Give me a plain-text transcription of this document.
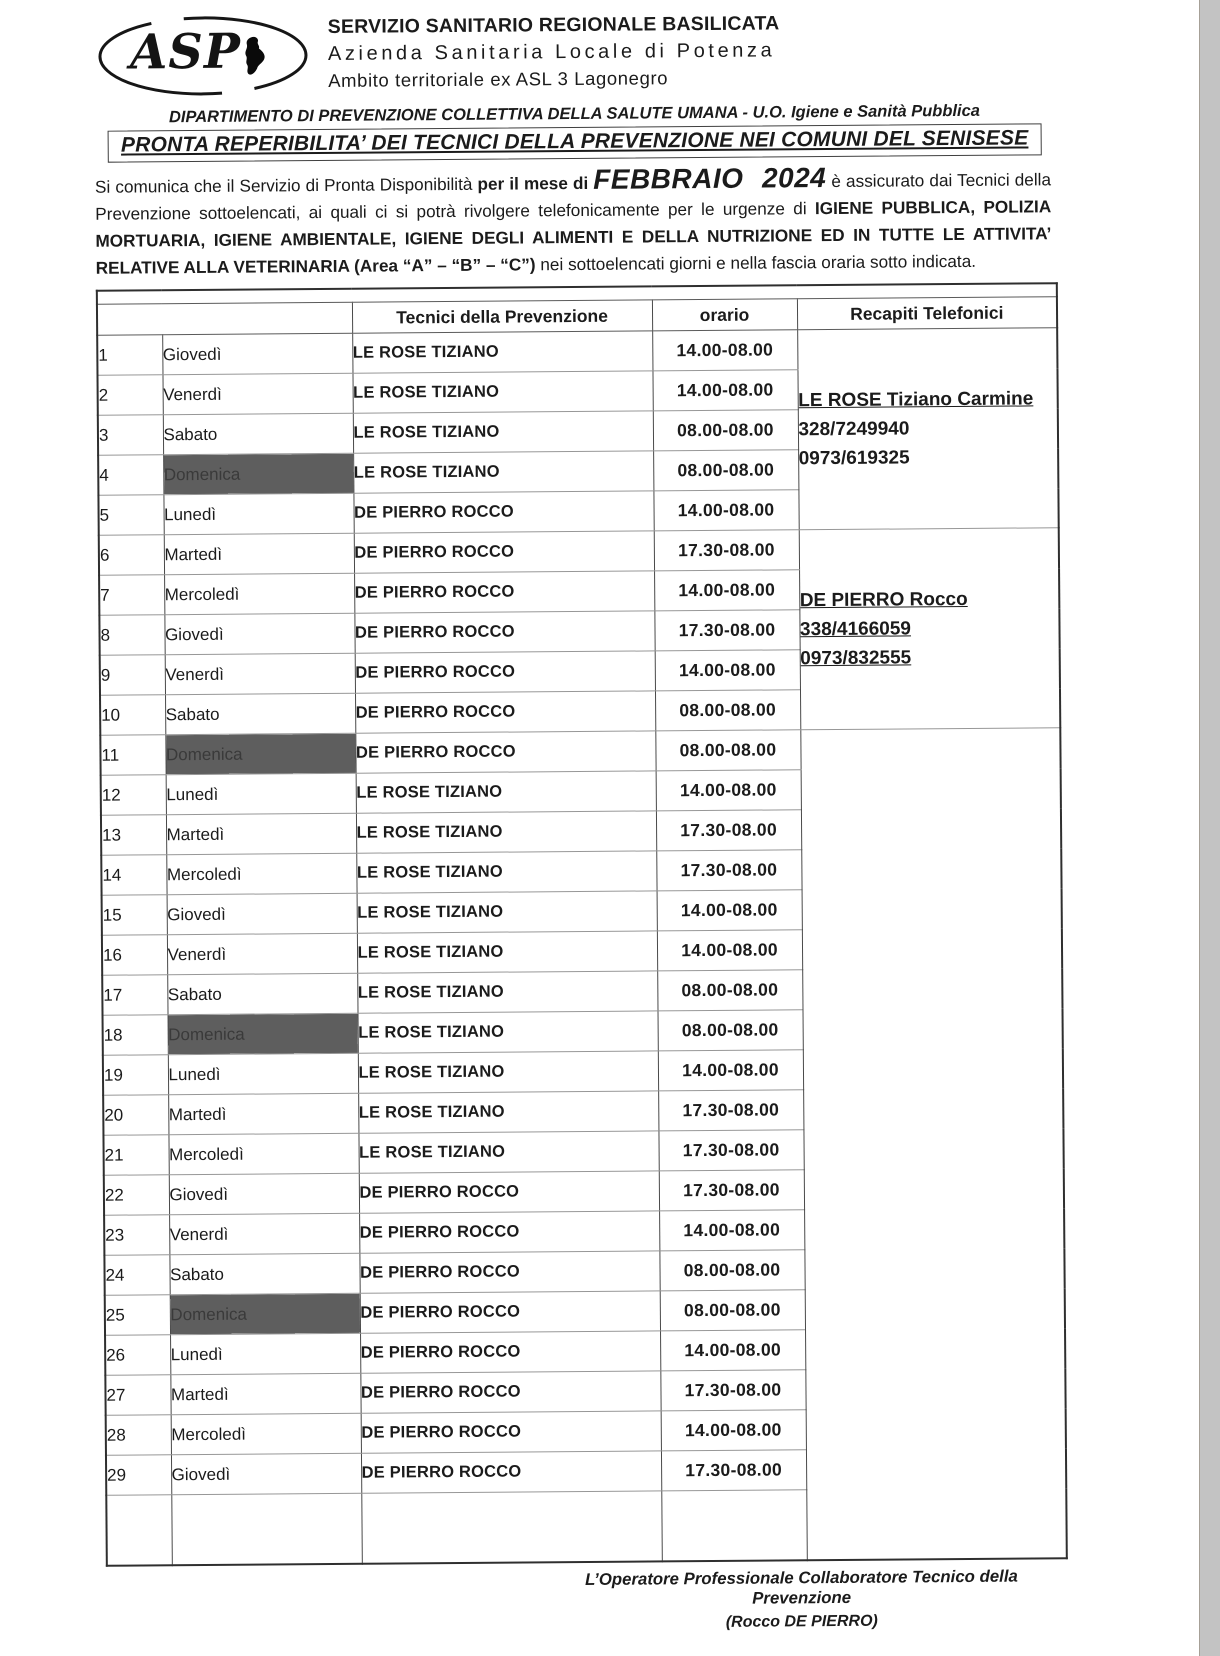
ASP	SERVIZIO SANITARIO REGIONALE BASILICATA
Azienda Sanitaria Locale di Potenza
Ambito territoriale ex ASL 3 Lagonegro
DIPARTIMENTO DI PREVENZIONE COLLETTIVA DELLA SALUTE UMANA - U.O. Igiene e Sanità Pubblica
PRONTA REPERIBILITA’ DEI TECNICI DELLA PREVENZIONE NEI COMUNI DEL SENISESE
Si comunica che il Servizio di Pronta Disponibilità per il mese di FEBBRAIO 2024 è assicurato dai Tecnici della Prevenzione sottoelencati, ai quali ci si potrà rivolgere telefonicamente per le urgenze di IGIENE PUBBLICA, POLIZIA MORTUARIA, IGIENE AMBIENTALE, IGIENE DEGLI ALIMENTI E DELLA NUTRIZIONE ED IN TUTTE LE ATTIVITA’ RELATIVE ALLA VETERINARIA (Area “A” – “B” – “C”) nei sottoelencati giorni e nella fascia oraria sotto indicata.

		Tecnici della Prevenzione	orario	Recapiti Telefonici
1	Giovedì	LE ROSE TIZIANO	14.00-08.00	LE ROSE Tiziano Carmine
328/7249940
0973/619325

2	Venerdì	LE ROSE TIZIANO	14.00-08.00	
3	Sabato	LE ROSE TIZIANO	08.00-08.00	
4	Domenica	LE ROSE TIZIANO	08.00-08.00	
5	Lunedì	DE PIERRO ROCCO	14.00-08.00	
6	Martedì	DE PIERRO ROCCO	17.30-08.00	DE PIERRO Rocco
338/4166059
0973/832555

7	Mercoledì	DE PIERRO ROCCO	14.00-08.00	
8	Giovedì	DE PIERRO ROCCO	17.30-08.00	
9	Venerdì	DE PIERRO ROCCO	14.00-08.00	
10	Sabato	DE PIERRO ROCCO	08.00-08.00	
11	Domenica	DE PIERRO ROCCO	08.00-08.00	
12	Lunedì	LE ROSE TIZIANO	14.00-08.00	
13	Martedì	LE ROSE TIZIANO	17.30-08.00	
14	Mercoledì	LE ROSE TIZIANO	17.30-08.00	
15	Giovedì	LE ROSE TIZIANO	14.00-08.00	
16	Venerdì	LE ROSE TIZIANO	14.00-08.00	
17	Sabato	LE ROSE TIZIANO	08.00-08.00	
18	Domenica	LE ROSE TIZIANO	08.00-08.00	
19	Lunedì	LE ROSE TIZIANO	14.00-08.00	
20	Martedì	LE ROSE TIZIANO	17.30-08.00	
21	Mercoledì	LE ROSE TIZIANO	17.30-08.00	
22	Giovedì	DE PIERRO ROCCO	17.30-08.00	
23	Venerdì	DE PIERRO ROCCO	14.00-08.00	
24	Sabato	DE PIERRO ROCCO	08.00-08.00	
25	Domenica	DE PIERRO ROCCO	08.00-08.00	
26	Lunedì	DE PIERRO ROCCO	14.00-08.00	
27	Martedì	DE PIERRO ROCCO	17.30-08.00	
28	Mercoledì	DE PIERRO ROCCO	14.00-08.00	
29	Giovedì	DE PIERRO ROCCO	17.30-08.00	

L’Operatore Professionale Collaboratore Tecnico della Prevenzione
(Rocco DE PIERRO)
